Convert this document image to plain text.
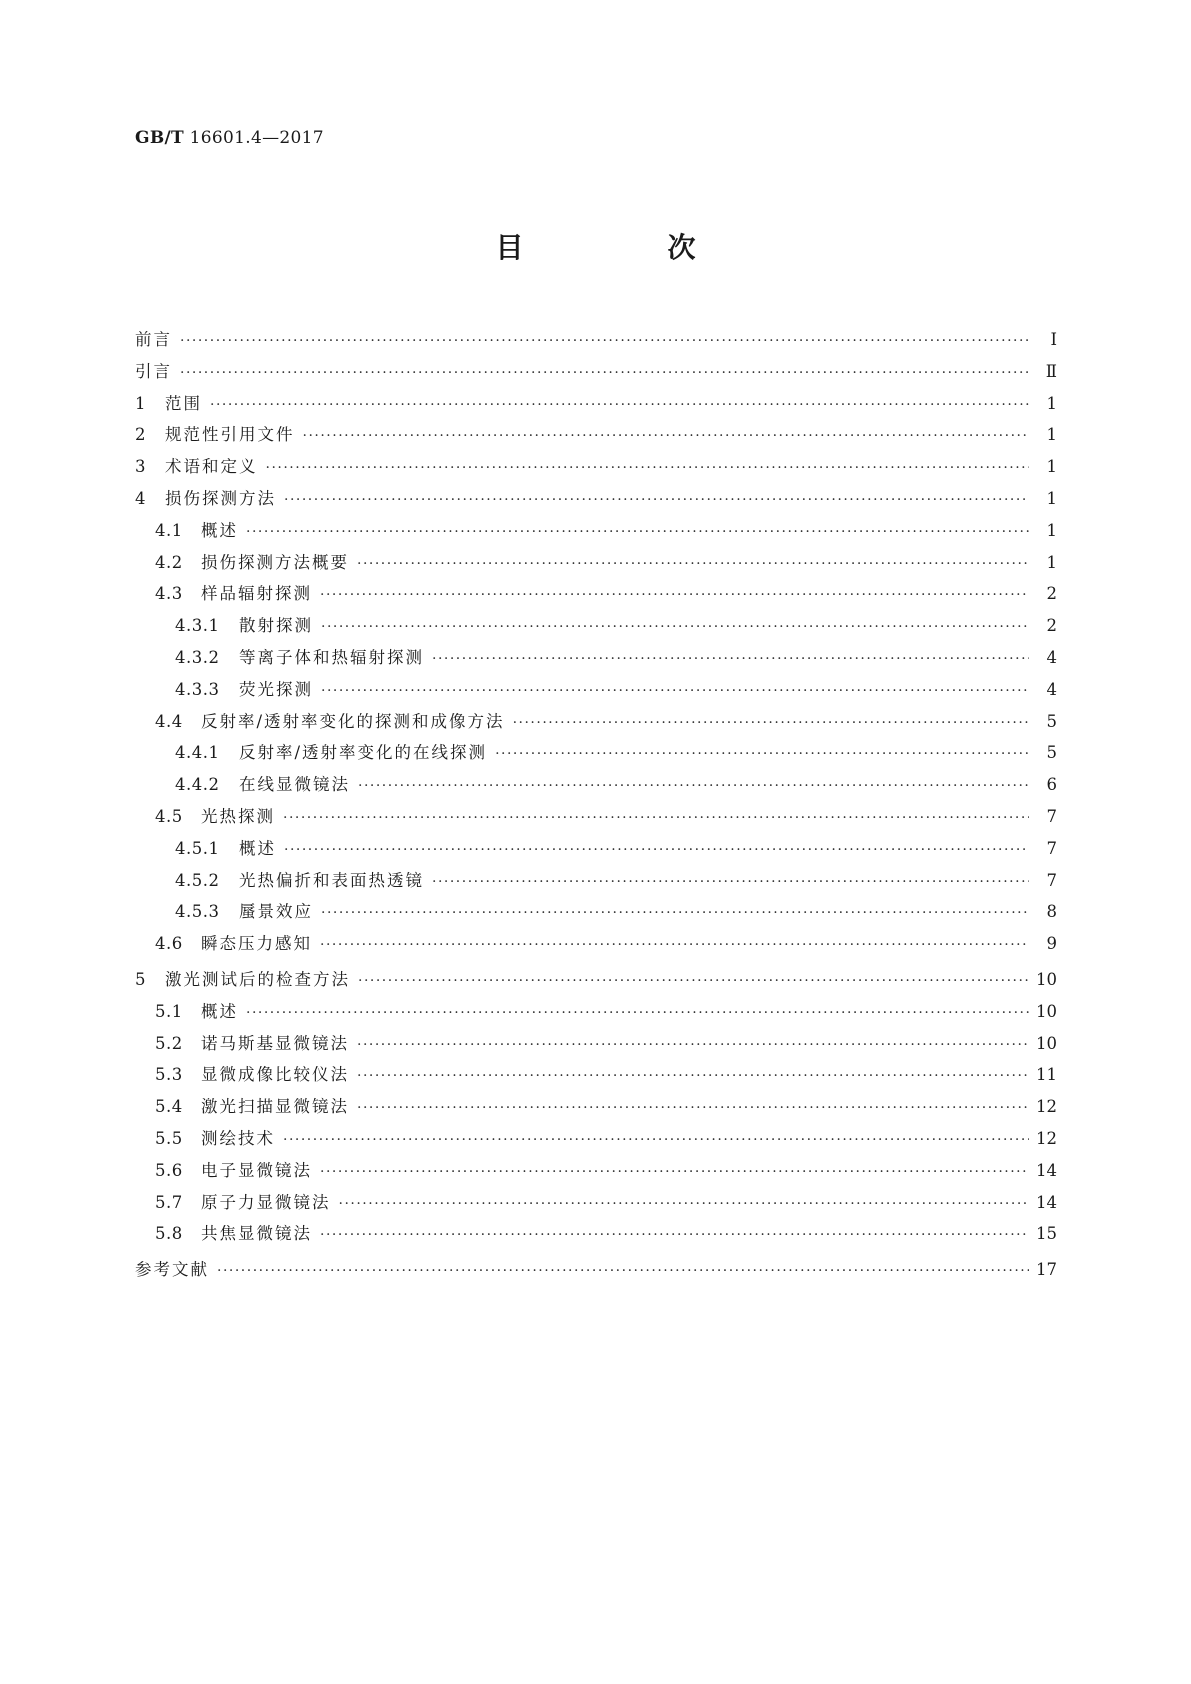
GB/T 16601.4—2017
目　次
前言 ·····	Ⅰ
引言 ·····	Ⅱ
1	范围 ·····	1
2	规范性引用文件 ·····	1
3	术语和定义 ·····	1
4	损伤探测方法 ·····	1
4.1	概述 ·····	1
4.2	损伤探测方法概要 ·····	1
4.3	样品辐射探测 ·····	2
4.3.1	散射探测 ·····	2
4.3.2	等离子体和热辐射探测 ·····	4
4.3.3	荧光探测 ·····	4
4.4	反射率/透射率变化的探测和成像方法 ·····	5
4.4.1	反射率/透射率变化的在线探测 ·····	5
4.4.2	在线显微镜法 ·····	6
4.5	光热探测 ·····	7
4.5.1	概述 ·····	7
4.5.2	光热偏折和表面热透镜 ·····	7
4.5.3	蜃景效应 ·····	8
4.6	瞬态压力感知 ·····	9
5	激光测试后的检查方法 ·····	10
5.1	概述 ·····	10
5.2	诺马斯基显微镜法 ·····	10
5.3	显微成像比较仪法 ·····	11
5.4	激光扫描显微镜法 ·····	12
5.5	测绘技术 ·····	12
5.6	电子显微镜法 ·····	14
5.7	原子力显微镜法 ·····	14
5.8	共焦显微镜法 ·····	15
参考文献 ·····	17
